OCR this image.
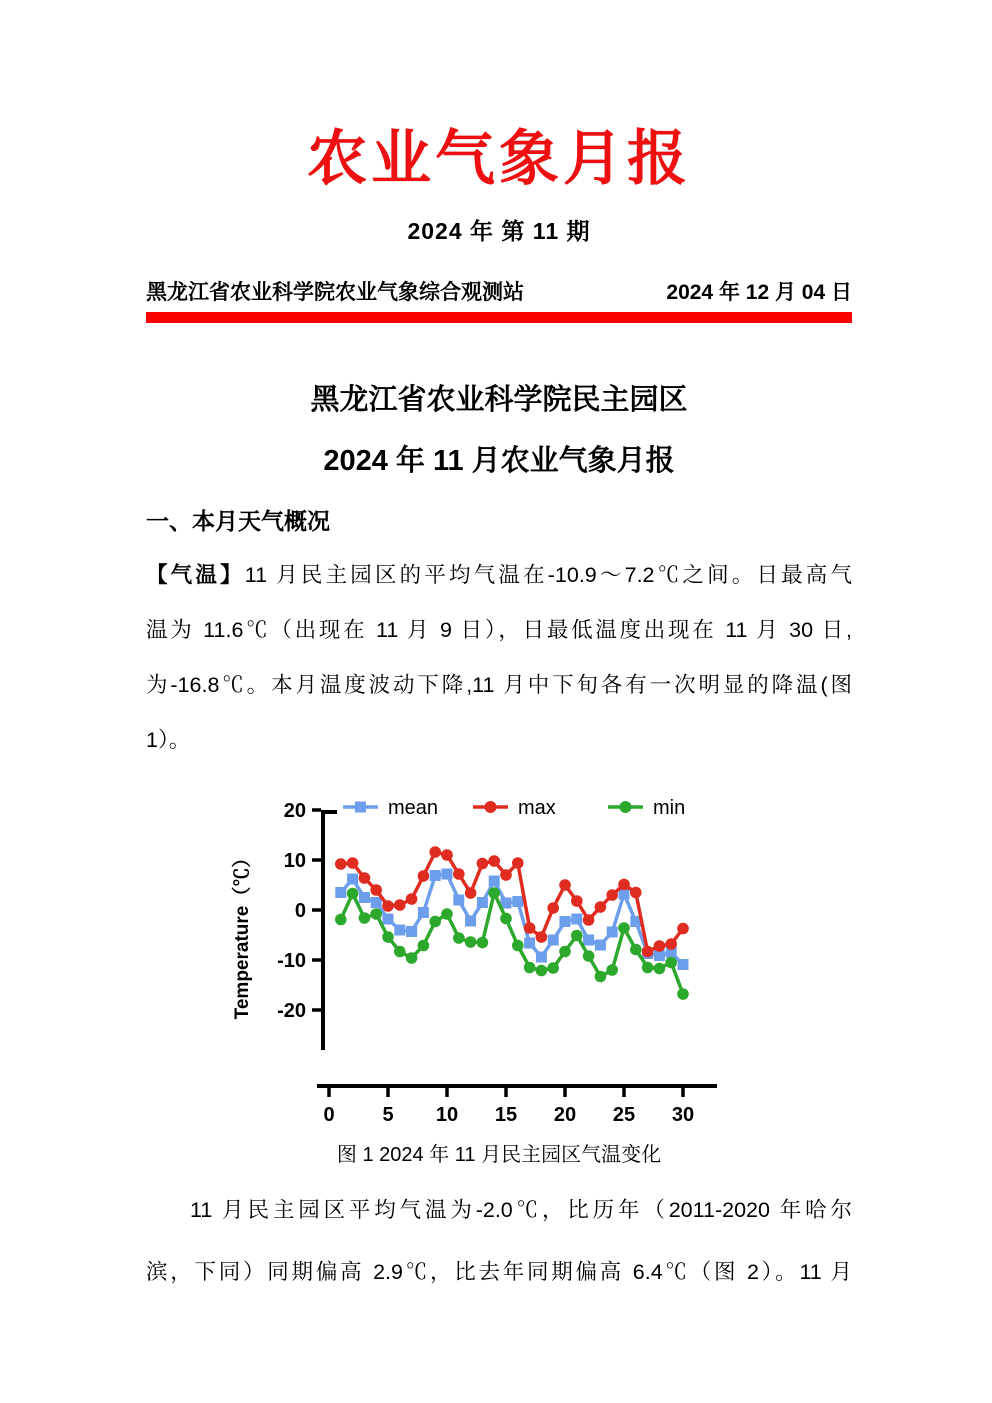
农业气象月报
2024 年 第 11 期
黑龙江省农业科学院农业气象综合观测站	2024 年 12 月 04 日
黑龙江省农业科学院民主园区
2024 年 11 月农业气象月报
一、本月天气概况
【气温】11 月民主园区的平均气温在-10.9～7.2℃之间。日最高气
温为 11.6℃（出现在 11 月 9 日），日最低温度出现在 11 月 30 日,
为-16.8℃。本月温度波动下降,11 月中下旬各有一次明显的降温(图
1）。
20
10
0
-10
-20
Temperature（℃）
0 5 10 15 20 25 30
mean	max	min
图 1 2024 年 11 月民主园区气温变化
11 月民主园区平均气温为-2.0℃，比历年（2011-2020 年哈尔
滨，下同）同期偏高 2.9℃，比去年同期偏高 6.4℃（图 2）。11 月
